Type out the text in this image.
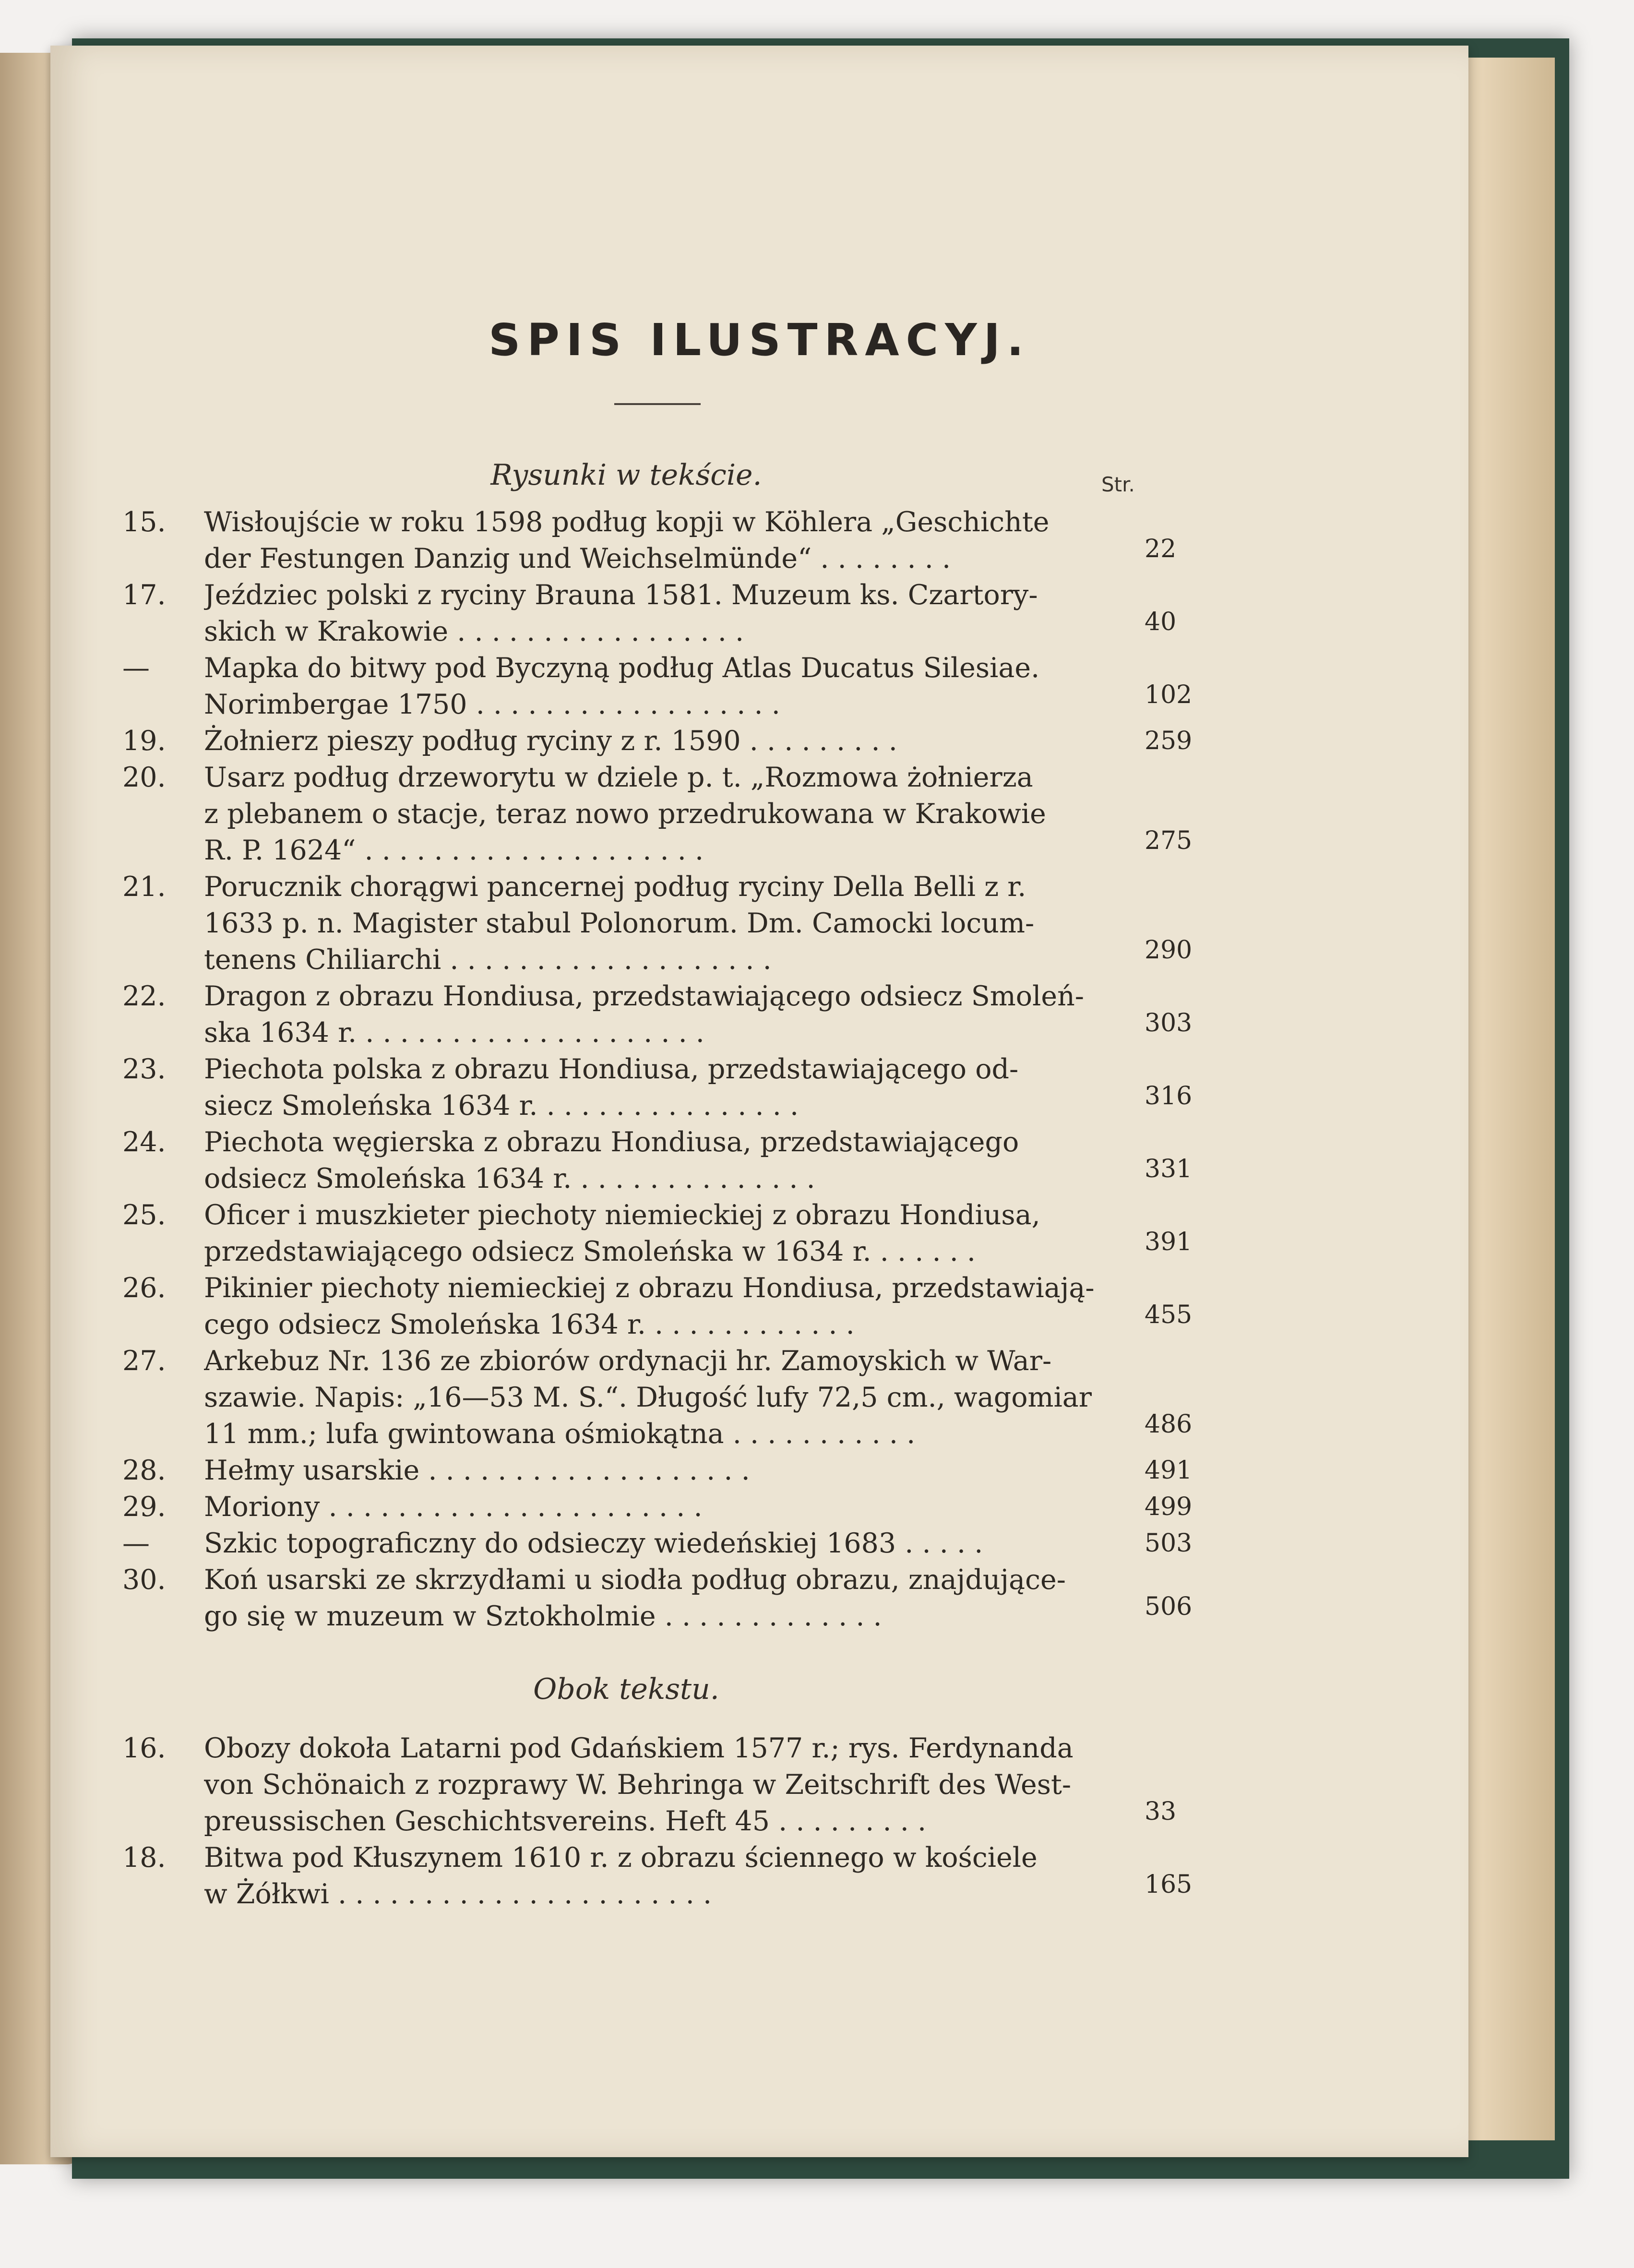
SPIS ILUSTRACYJ.
Str.
Rysunki w tekście.
15.	Wisłoujście w roku 1598 podług kopji w Köhlera „Geschichte
der Festungen Danzig und Weichselmünde“ . . . . . . . .	22
17.	Jeździec polski z ryciny Brauna 1581. Muzeum ks. Czartory-
skich w Krakowie . . . . . . . . . . . . . . . . .	40
—	Mapka do bitwy pod Byczyną podług Atlas Ducatus Silesiae.
Norimbergae 1750 . . . . . . . . . . . . . . . . . .	102
19.	Żołnierz pieszy podług ryciny z r. 1590 . . . . . . . . .	259
20.	Usarz podług drzeworytu w dziele p. t. „Rozmowa żołnierza
z plebanem o stacje, teraz nowo przedrukowana w Krakowie
R. P. 1624“ . . . . . . . . . . . . . . . . . . . .	275
21.	Porucznik chorągwi pancernej podług ryciny Della Belli z r.
1633 p. n. Magister stabul Polonorum. Dm. Camocki locum-
tenens Chiliarchi . . . . . . . . . . . . . . . . . . .	290
22.	Dragon z obrazu Hondiusa, przedstawiającego odsiecz Smoleń-
ska 1634 r. . . . . . . . . . . . . . . . . . . . .	303
23.	Piechota polska z obrazu Hondiusa, przedstawiającego od-
siecz Smoleńska 1634 r. . . . . . . . . . . . . . . .	316
24.	Piechota węgierska z obrazu Hondiusa, przedstawiającego
odsiecz Smoleńska 1634 r. . . . . . . . . . . . . . .	331
25.	Oficer i muszkieter piechoty niemieckiej z obrazu Hondiusa,
przedstawiającego odsiecz Smoleńska w 1634 r. . . . . . .	391
26.	Pikinier piechoty niemieckiej z obrazu Hondiusa, przedstawiają-
cego odsiecz Smoleńska 1634 r. . . . . . . . . . . . .	455
27.	Arkebuz Nr. 136 ze zbiorów ordynacji hr. Zamoyskich w War-
szawie. Napis: „16—53 M. S.“. Długość lufy 72,5 cm., wagomiar
11 mm.; lufa gwintowana ośmiokątna . . . . . . . . . . .	486
28.	Hełmy usarskie . . . . . . . . . . . . . . . . . . .	491
29.	Moriony . . . . . . . . . . . . . . . . . . . . . .	499
—	Szkic topograficzny do odsieczy wiedeńskiej 1683 . . . . .	503
30.	Koń usarski ze skrzydłami u siodła podług obrazu, znajdujące-
go się w muzeum w Sztokholmie . . . . . . . . . . . . .	506
Obok tekstu.
16.	Obozy dokoła Latarni pod Gdańskiem 1577 r.; rys. Ferdynanda
von Schönaich z rozprawy W. Behringa w Zeitschrift des West-
preussischen Geschichtsvereins. Heft 45 . . . . . . . . .	33
18.	Bitwa pod Kłuszynem 1610 r. z obrazu ściennego w kościele
w Żółkwi . . . . . . . . . . . . . . . . . . . . . .	165
